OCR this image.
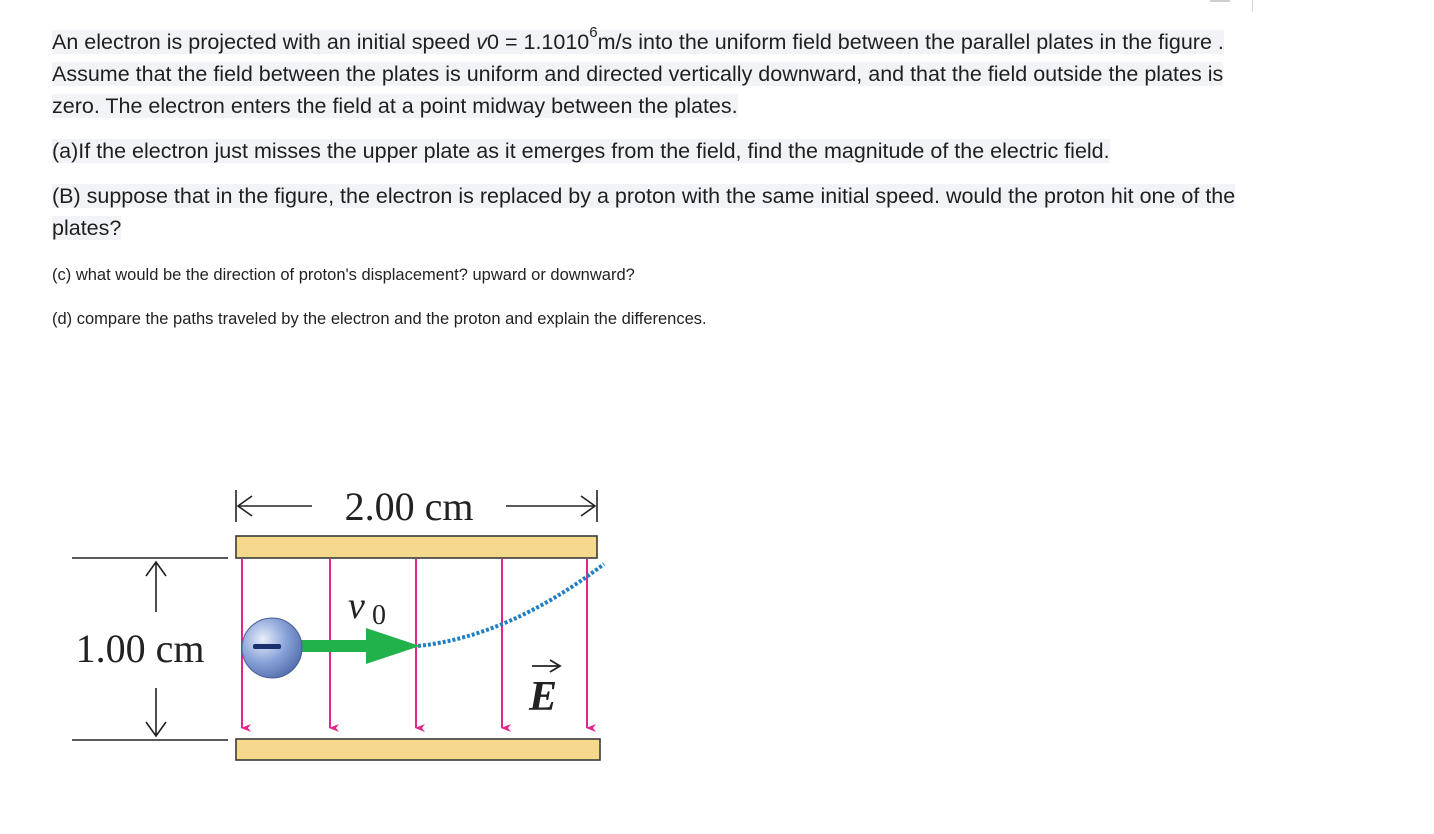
An electron is projected with an initial speed $v0 = 1.1010^6m/s$ into the uniform field between the parallel plates in the figure . Assume that the field between the plates is uniform and directed vertically downward, and that the field outside the plates is zero. The electron enters the field at a point midway between the plates.

(a)If the electron just misses the upper plate as it emerges from the field, find the magnitude of the electric field.

(B) suppose that in the figure, the electron is replaced by a proton with the same initial speed. would the proton hit one of the plates?

(c) what would be the direction of proton's displacement? upward or downward?

(d) compare the paths traveled by the electron and the proton and explain the differences.

2.00 cm
1.00 cm
v 0
E
